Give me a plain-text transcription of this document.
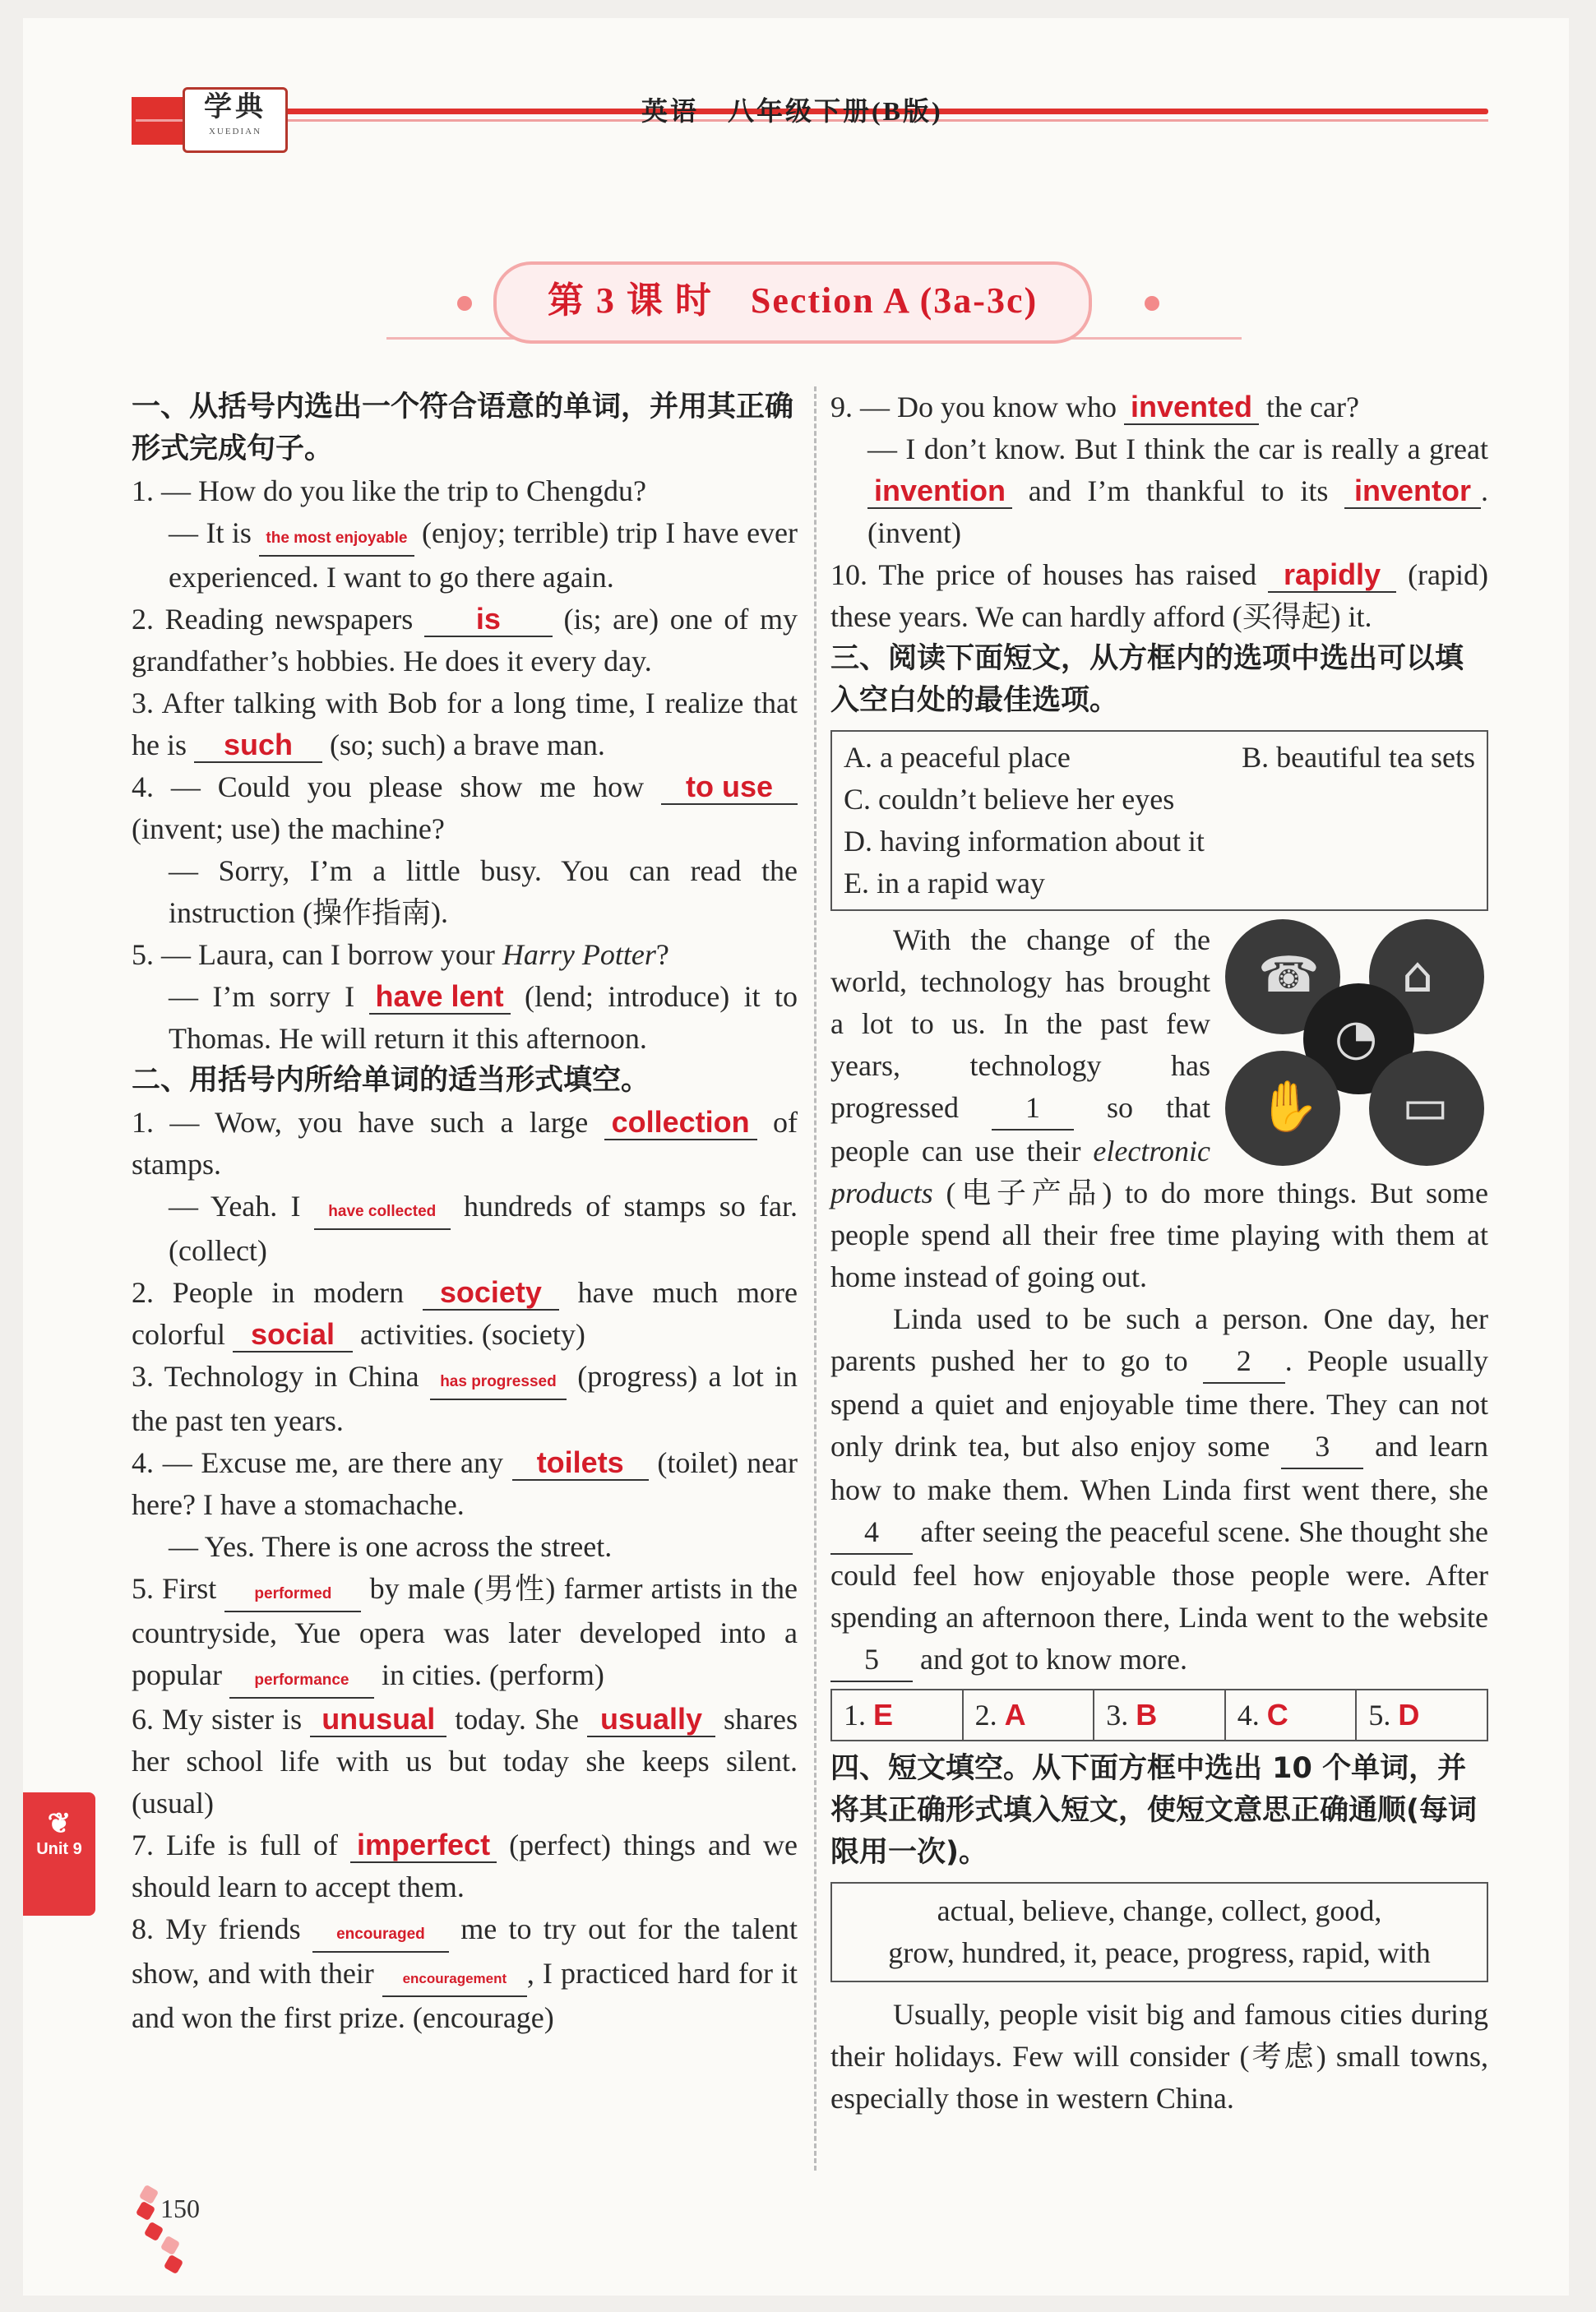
学典
XUEDIAN
英语　八年级下册(B版)
第 3 课 时　Section A (3a-3c)
一、从括号内选出一个符合语意的单词，并用其正确形式完成句子。
1. — How do you like the trip to Chengdu?
— It is the most enjoyable (enjoy; terrible) trip I have ever experienced. I want to go there again.
2. Reading newspapers is (is; are) one of my grandfather’s hobbies. He does it every day.
3. After talking with Bob for a long time, I realize that he is such (so; such) a brave man.
4. — Could you please show me how to use (invent; use) the machine?
— Sorry, I’m a little busy. You can read the instruction (操作指南).
5. — Laura, can I borrow your Harry Potter?
— I’m sorry I have lent (lend; introduce) it to Thomas. He will return it this afternoon.
二、用括号内所给单词的适当形式填空。
1. — Wow, you have such a large collection of stamps.
— Yeah. I have collected hundreds of stamps so far. (collect)
2. People in modern society have much more colorful social activities. (society)
3. Technology in China has progressed (progress) a lot in the past ten years.
4. — Excuse me, are there any toilets (toilet) near here? I have a stomachache.
— Yes. There is one across the street.
5. First performed by male (男性) farmer artists in the countryside, Yue opera was later developed into a popular performance in cities. (perform)
6. My sister is unusual today. She usually shares her school life with us but today she keeps silent. (usual)
7. Life is full of imperfect (perfect) things and we should learn to accept them.
8. My friends encouraged me to try out for the talent show, and with their encouragement , I practiced hard for it and won the first prize. (encourage)
9. — Do you know who invented the car?
— I don’t know. But I think the car is really a great invention and I’m thankful to its inventor . (invent)
10. The price of houses has raised rapidly (rapid) these years. We can hardly afford (买得起) it.
三、阅读下面短文，从方框内的选项中选出可以填入空白处的最佳选项。
A. a peaceful place	B. beautiful tea sets
C. couldn’t believe her eyes
D. having information about it
E. in a rapid way
☎ ⌂
◔
✋ ▭
With the change of the world, technology has brought a lot to us. In the past few years, technology has progressed 1 so that people can use their electronic products (电子产品) to do more things. But some people spend all their free time playing with them at home instead of going out.
Linda used to be such a person. One day, her parents pushed her to go to 2 . People usually spend a quiet and enjoyable time there. They can not only drink tea, but also enjoy some 3 and learn how to make them. When Linda first went there, she 4 after seeing the peaceful scene. She thought she could feel how enjoyable those people were. After spending an afternoon there, Linda went to the website 5 and got to know more.
1. E	2. A	3. B	4. C	5. D
四、短文填空。从下面方框中选出 10 个单词，并将其正确形式填入短文，使短文意思正确通顺(每词限用一次)。
actual, believe, change, collect, good,
grow, hundred, it, peace, progress, rapid, with
Usually, people visit big and famous cities during their holidays. Few will consider (考虑) small towns, especially those in western China.
❦
Unit 9
150
